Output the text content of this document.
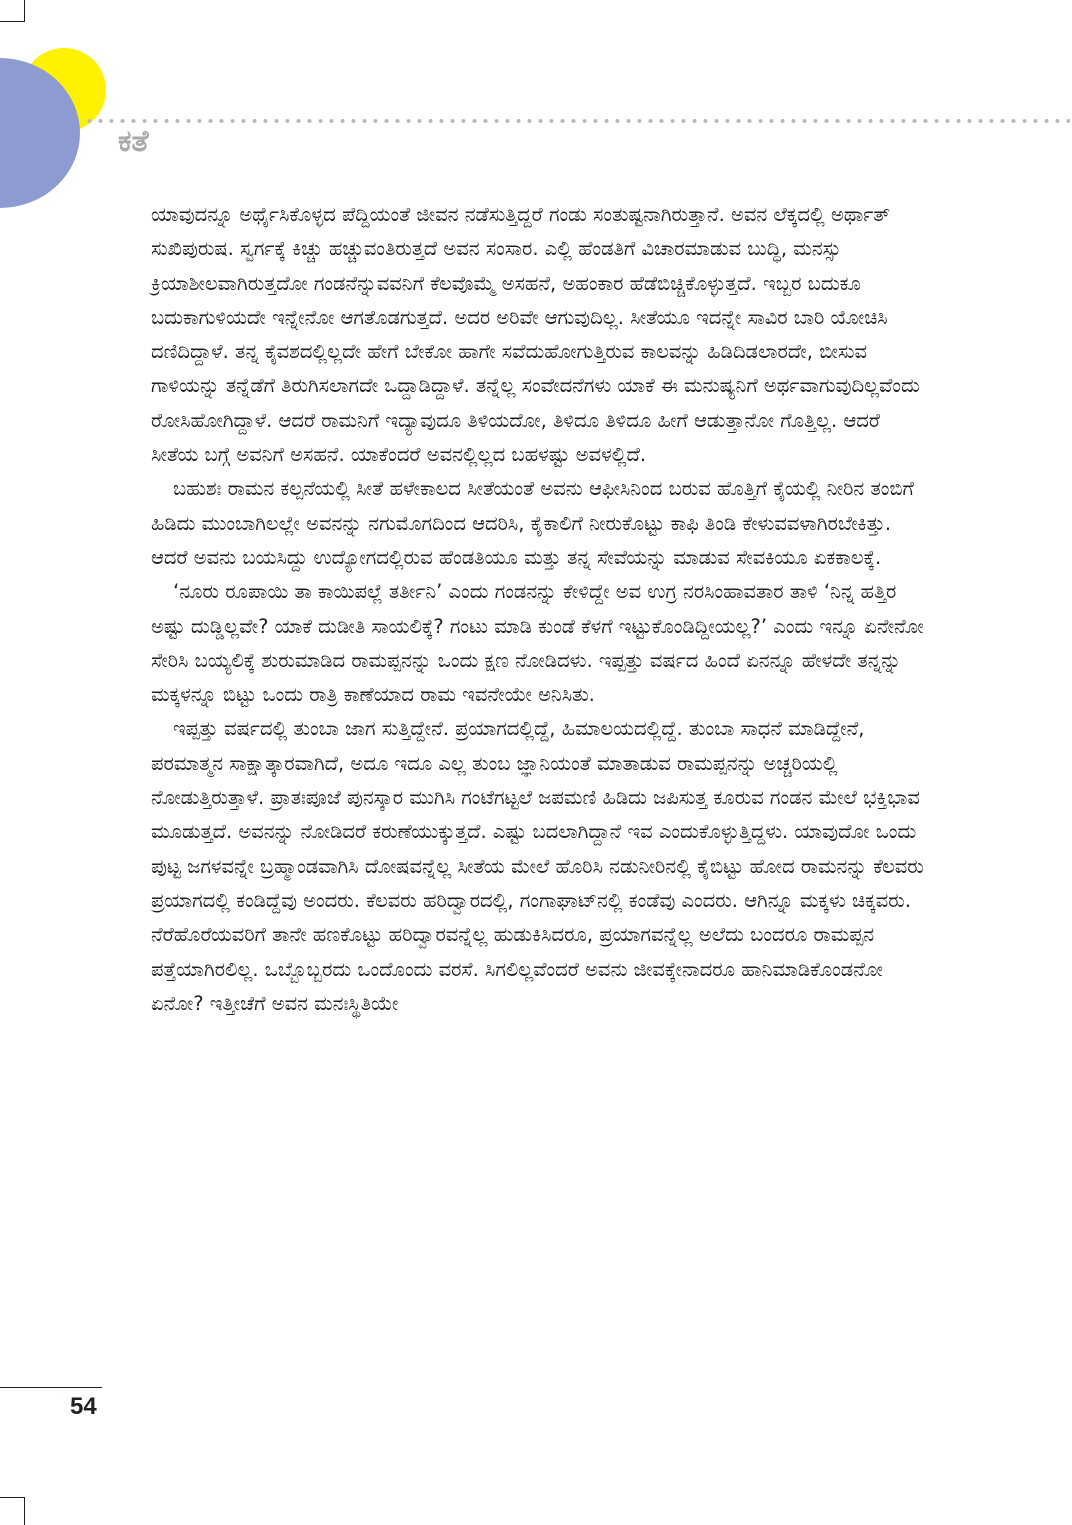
ಕತೆ

ಯಾವುದನ್ನೂ ಅರ್ಥೈಸಿಕೊಳ್ಳದ ಪೆದ್ದಿಯಂತೆ ಜೀವನ ನಡೆಸುತ್ತಿದ್ದರೆ ಗಂಡು ಸಂತುಷ್ಟನಾಗಿರುತ್ತಾನೆ. ಅವನ ಲೆಕ್ಕದಲ್ಲಿ ಅರ್ಥಾತ್ ಸುಖಿಪುರುಷ. ಸ್ವರ್ಗಕ್ಕೆ ಕಿಚ್ಚು ಹಚ್ಚುವಂತಿರುತ್ತದೆ ಅವನ ಸಂಸಾರ. ಎಲ್ಲಿ ಹೆಂಡತಿಗೆ ವಿಚಾರಮಾಡುವ ಬುದ್ಧಿ, ಮನಸ್ಸು ಕ್ರಿಯಾಶೀಲವಾಗಿರುತ್ತದೋ ಗಂಡನೆನ್ನುವವನಿಗೆ ಕೆಲವೊಮ್ಮೆ ಅಸಹನೆ, ಅಹಂಕಾರ ಹೆಡೆಬಿಚ್ಚಿಕೊಳ್ಳುತ್ತದೆ. ಇಬ್ಬರ ಬದುಕೂ ಬದುಕಾಗುಳಿಯದೇ ಇನ್ನೇನೋ ಆಗತೊಡಗುತ್ತದೆ. ಅದರ ಅರಿವೇ ಆಗುವುದಿಲ್ಲ. ಸೀತೆಯೂ ಇದನ್ನೇ ಸಾವಿರ ಬಾರಿ ಯೋಚಿಸಿ ದಣಿದಿದ್ದಾಳೆ. ತನ್ನ ಕೈವಶದಲ್ಲಿಲ್ಲದೇ ಹೇಗೆ ಬೇಕೋ ಹಾಗೇ ಸವೆದುಹೋಗುತ್ತಿರುವ ಕಾಲವನ್ನು ಹಿಡಿದಿಡಲಾರದೇ, ಬೀಸುವ ಗಾಳಿಯನ್ನು ತನ್ನೆಡೆಗೆ ತಿರುಗಿಸಲಾಗದೇ ಒದ್ದಾಡಿದ್ದಾಳೆ. ತನ್ನೆಲ್ಲ ಸಂವೇದನೆಗಳು ಯಾಕೆ ಈ ಮನುಷ್ಯನಿಗೆ ಅರ್ಥವಾಗುವುದಿಲ್ಲವೆಂದು ರೋಸಿಹೋಗಿದ್ದಾಳೆ. ಆದರೆ ರಾಮನಿಗೆ ಇದ್ಯಾವುದೂ ತಿಳಿಯದೋ, ತಿಳಿದೂ ತಿಳಿದೂ ಹೀಗೆ ಆಡುತ್ತಾನೋ ಗೊತ್ತಿಲ್ಲ. ಆದರೆ ಸೀತೆಯ ಬಗ್ಗೆ ಅವನಿಗೆ ಅಸಹನೆ. ಯಾಕೆಂದರೆ ಅವನಲ್ಲಿಲ್ಲದ ಬಹಳಷ್ಟು ಅವಳಲ್ಲಿದೆ.

ಬಹುಶಃ ರಾಮನ ಕಲ್ಪನೆಯಲ್ಲಿ ಸೀತೆ ಹಳೇಕಾಲದ ಸೀತೆಯಂತೆ ಅವನು ಆಫೀಸಿನಿಂದ ಬರುವ ಹೊತ್ತಿಗೆ ಕೈಯಲ್ಲಿ ನೀರಿನ ತಂಬಿಗೆ ಹಿಡಿದು ಮುಂಬಾಗಿಲಲ್ಲೇ ಅವನನ್ನು ನಗುಮೊಗದಿಂದ ಆದರಿಸಿ, ಕೈಕಾಲಿಗೆ ನೀರುಕೊಟ್ಟು ಕಾಫಿ ತಿಂಡಿ ಕೇಳುವವಳಾಗಿರಬೇಕಿತ್ತು. ಆದರೆ ಅವನು ಬಯಸಿದ್ದು ಉದ್ಯೋಗದಲ್ಲಿರುವ ಹೆಂಡತಿಯೂ ಮತ್ತು ತನ್ನ ಸೇವೆಯನ್ನು ಮಾಡುವ ಸೇವಕಿಯೂ ಏಕಕಾಲಕ್ಕೆ.

‘ನೂರು ರೂಪಾಯಿ ತಾ ಕಾಯಿಪಲ್ಲೆ ತರ್ತೀನಿ’ ಎಂದು ಗಂಡನನ್ನು ಕೇಳಿದ್ದೇ ಅವ ಉಗ್ರ ನರಸಿಂಹಾವತಾರ ತಾಳಿ ‘ನಿನ್ನ ಹತ್ತಿರ ಅಷ್ಟು ದುಡ್ಡಿಲ್ಲವೇ? ಯಾಕೆ ದುಡೀತಿ ಸಾಯಲಿಕ್ಕೆ? ಗಂಟು ಮಾಡಿ ಕುಂಡೆ ಕೆಳಗೆ ಇಟ್ಟುಕೊಂಡಿದ್ದೀಯಲ್ಲ?’ ಎಂದು ಇನ್ನೂ ಏನೇನೋ ಸೇರಿಸಿ ಬಯ್ಯಲಿಕ್ಕೆ ಶುರುಮಾಡಿದ ರಾಮಪ್ಪನನ್ನು ಒಂದು ಕ್ಷಣ ನೋಡಿದಳು. ಇಪ್ಪತ್ತು ವರ್ಷದ ಹಿಂದೆ ಏನನ್ನೂ ಹೇಳದೇ ತನ್ನನ್ನು ಮಕ್ಕಳನ್ನೂ ಬಿಟ್ಟು ಒಂದು ರಾತ್ರಿ ಕಾಣೆಯಾದ ರಾಮ ಇವನೇಯೇ ಅನಿಸಿತು.

ಇಪ್ಪತ್ತು ವರ್ಷದಲ್ಲಿ ತುಂಬಾ ಜಾಗ ಸುತ್ತಿದ್ದೇನೆ. ಪ್ರಯಾಗದಲ್ಲಿದ್ದೆ, ಹಿಮಾಲಯದಲ್ಲಿದ್ದೆ. ತುಂಬಾ ಸಾಧನೆ ಮಾಡಿದ್ದೇನೆ, ಪರಮಾತ್ಮನ ಸಾಕ್ಷಾತ್ಕಾರವಾಗಿದೆ, ಅದೂ ಇದೂ ಎಲ್ಲ ತುಂಬ ಜ್ಞಾನಿಯಂತೆ ಮಾತಾಡುವ ರಾಮಪ್ಪನನ್ನು ಅಚ್ಚರಿಯಲ್ಲಿ ನೋಡುತ್ತಿರುತ್ತಾಳೆ. ಪ್ರಾತಃಪೂಜೆ ಪುನಸ್ಕಾರ ಮುಗಿಸಿ ಗಂಟೆಗಟ್ಟಲೆ ಜಪಮಣಿ ಹಿಡಿದು ಜಪಿಸುತ್ತ ಕೂರುವ ಗಂಡನ ಮೇಲೆ ಭಕ್ತಿಭಾವ ಮೂಡುತ್ತದೆ. ಅವನನ್ನು ನೋಡಿದರೆ ಕರುಣೆಯುಕ್ಕುತ್ತದೆ. ಎಷ್ಟು ಬದಲಾಗಿದ್ದಾನೆ ಇವ ಎಂದುಕೊಳ್ಳುತ್ತಿದ್ದಳು. ಯಾವುದೋ ಒಂದು ಪುಟ್ಟ ಜಗಳವನ್ನೇ ಬ್ರಹ್ಮಾಂಡವಾಗಿಸಿ ದೋಷವನ್ನೆಲ್ಲ ಸೀತೆಯ ಮೇಲೆ ಹೊರಿಸಿ ನಡುನೀರಿನಲ್ಲಿ ಕೈಬಿಟ್ಟು ಹೋದ ರಾಮನನ್ನು ಕೆಲವರು ಪ್ರಯಾಗದಲ್ಲಿ ಕಂಡಿದ್ದೆವು ಅಂದರು. ಕೆಲವರು ಹರಿದ್ವಾರದಲ್ಲಿ, ಗಂಗಾಘಾಟ್‌ನಲ್ಲಿ ಕಂಡೆವು ಎಂದರು. ಆಗಿನ್ನೂ ಮಕ್ಕಳು ಚಿಕ್ಕವರು. ನೆರೆಹೊರೆಯವರಿಗೆ ತಾನೇ ಹಣಕೊಟ್ಟು ಹರಿದ್ವಾರವನ್ನೆಲ್ಲ ಹುಡುಕಿಸಿದರೂ, ಪ್ರಯಾಗವನ್ನೆಲ್ಲ ಅಲೆದು ಬಂದರೂ ರಾಮಪ್ಪನ ಪತ್ತೆಯಾಗಿರಲಿಲ್ಲ. ಒಬ್ಬೊಬ್ಬರದು ಒಂದೊಂದು ವರಸೆ. ಸಿಗಲಿಲ್ಲವೆಂದರೆ ಅವನು ಜೀವಕ್ಕೇನಾದರೂ ಹಾನಿಮಾಡಿಕೊಂಡನೋ ಏನೋ? ಇತ್ತೀಚೆಗೆ ಅವನ ಮನಃಸ್ಥಿತಿಯೇ

54
